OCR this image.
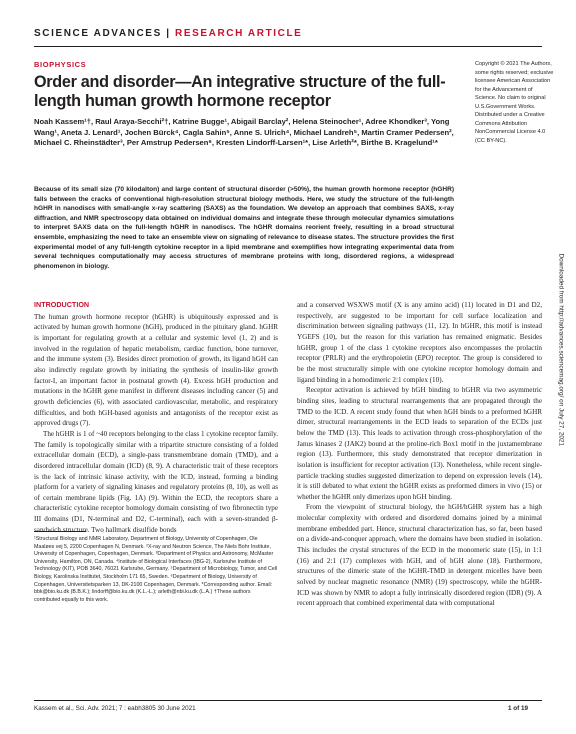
SCIENCE ADVANCES | RESEARCH ARTICLE
BIOPHYSICS
Order and disorder—An integrative structure of the full-length human growth hormone receptor
Noah Kassem¹†, Raul Araya-Secchi²†, Katrine Bugge¹, Abigail Barclay², Helena Steinocher¹, Adree Khondker³, Yong Wang¹, Aneta J. Lenard¹, Jochen Bürck⁴, Cagla Sahin⁵, Anne S. Ulrich⁴, Michael Landreh⁵, Martin Cramer Pedersen², Michael C. Rheinstädter³, Per Amstrup Pedersen⁶, Kresten Lindorff-Larsen¹*, Lise Arleth²*, Birthe B. Kragelund¹*
Because of its small size (70 kilodalton) and large content of structural disorder (>50%), the human growth hormone receptor (hGHR) falls between the cracks of conventional high-resolution structural biology methods. Here, we study the structure of the full-length hGHR in nanodiscs with small-angle x-ray scattering (SAXS) as the foundation. We develop an approach that combines SAXS, x-ray diffraction, and NMR spectroscopy data obtained on individual domains and integrate these through molecular dynamics simulations to interpret SAXS data on the full-length hGHR in nanodiscs. The hGHR domains reorient freely, resulting in a broad structural ensemble, emphasizing the need to take an ensemble view on signaling of relevance to disease states. The structure provides the first experimental model of any full-length cytokine receptor in a lipid membrane and exemplifies how integrating experimental data from several techniques computationally may access structures of membrane proteins with long, disordered regions, a widespread phenomenon in biology.
Copyright © 2021 The Authors, some rights reserved; exclusive licensee American Association for the Advancement of Science. No claim to original U.S.Government Works. Distributed under a Creative Commons Attribution NonCommercial License 4.0 (CC BY-NC).
Downloaded from http://advances.sciencemag.org/ on July 27, 2021
INTRODUCTION

The human growth hormone receptor (hGHR) is ubiquitously expressed and is activated by human growth hormone (hGH), produced in the pituitary gland. hGHR is important for regulating growth at a cellular and systemic level (1, 2) and is involved in the regulation of hepatic metabolism, cardiac function, bone turnover, and the immune system (3). Besides direct promotion of growth, its ligand hGH can also indirectly regulate growth by initiating the synthesis of insulin-like growth factor-I, an important factor in postnatal growth (4). Excess hGH production and mutations in the hGHR gene manifest in different diseases including cancer (5) and growth deficiencies (6), with associated cardiovascular, metabolic, and respiratory difficulties, and both hGH-based agonists and antagonists of the receptor exist as approved drugs (7).

The hGHR is 1 of ~40 receptors belonging to the class 1 cytokine receptor family. The family is topologically similar with a tripartite structure consisting of a folded extracellular domain (ECD), a single-pass transmembrane domain (TMD), and a disordered intracellular domain (ICD) (8, 9). A characteristic trait of these receptors is the lack of intrinsic kinase activity, with the ICD, instead, forming a binding platform for a variety of signaling kinases and regulatory proteins (8, 10), as well as of certain membrane lipids (Fig. 1A) (9). Within the ECD, the receptors share a characteristic cytokine receptor homology domain consisting of two fibronectin type III domains (D1, N-terminal and D2, C-terminal), each with a seven-stranded β-sandwich structure. Two hallmark disulfide bonds

and a conserved WSXWS motif (X is any amino acid) (11) located in D1 and D2, respectively, are suggested to be important for cell surface localization and discrimination between signaling pathways (11, 12). In hGHR, this motif is instead YGEFS (10), but the reason for this variation has remained enigmatic. Besides hGHR, group 1 of the class 1 cytokine receptors also encompasses the prolactin receptor (PRLR) and the erythropoietin (EPO) receptor. The group is considered to be the most structurally simple with one cytokine receptor homology domain and ligand binding in a homodimeric 2:1 complex (10).

Receptor activation is achieved by hGH binding to hGHR via two asymmetric binding sites, leading to structural rearrangements that are propagated through the TMD to the ICD. A recent study found that when hGH binds to a preformed hGHR dimer, structural rearrangements in the ECD leads to separation of the ECDs just below the TMD (13). This leads to activation through cross-phosphorylation of the Janus kinases 2 (JAK2) bound at the proline-rich Box1 motif in the juxtamembrane region (13). Furthermore, this study demonstrated that receptor dimerization in isolation is insufficient for receptor activation (13). Nonetheless, while recent single-particle tracking studies suggested dimerization to depend on expression levels (14), it is still debated to what extent the hGHR exists as preformed dimers in vivo (15) or whether the hGHR only dimerizes upon hGH binding.

From the viewpoint of structural biology, the hGH/hGHR system has a high molecular complexity with ordered and disordered domains joined by a minimal membrane embedded part. Hence, structural characterization has, so far, been based on a divide-and-conquer approach, where the domains have been studied in isolation. This includes the crystal structures of the ECD in the monomeric state (15), in 1:1 (16) and 2:1 (17) complexes with hGH, and of hGH alone (18). Furthermore, structures of the dimeric state of the hGHR-TMD in detergent micelles have been solved by nuclear magnetic resonance (NMR) (19) spectroscopy, while the hGHR-ICD was shown by NMR to adopt a fully intrinsically disordered region (IDR) (9). A recent approach that combined experimental data with computational

¹Structural Biology and NMR Laboratory, Department of Biology, University of Copenhagen, Ole Maaløes vej 5, 2200 Copenhagen N, Denmark. ²X-ray and Neutron Science, The Niels Bohr Institute, University of Copenhagen, Copenhagen, Denmark. ³Department of Physics and Astronomy, McMaster University, Hamilton, ON, Canada. ⁴Institute of Biological Interfaces (IBG-2), Karlsruhe Institute of Technology (KIT), POB 3640, 76021 Karlsruhe, Germany. ⁵Department of Microbiology, Tumor, and Cell Biology, Karolinska Institutet, Stockholm 171 65, Sweden. ⁶Department of Biology, University of Copenhagen, Universitetsparken 13, DK-2100 Copenhagen, Denmark. *Corresponding author. Email: bbk@bio.ku.dk (B.B.K.); lindorff@bio.ku.dk (K.L.-L.); arleth@nbi.ku.dk (L.A.) †These authors contributed equally to this work.
Kassem et al., Sci. Adv. 2021; 7 : eabh3805 30 June 2021	1 of 19
